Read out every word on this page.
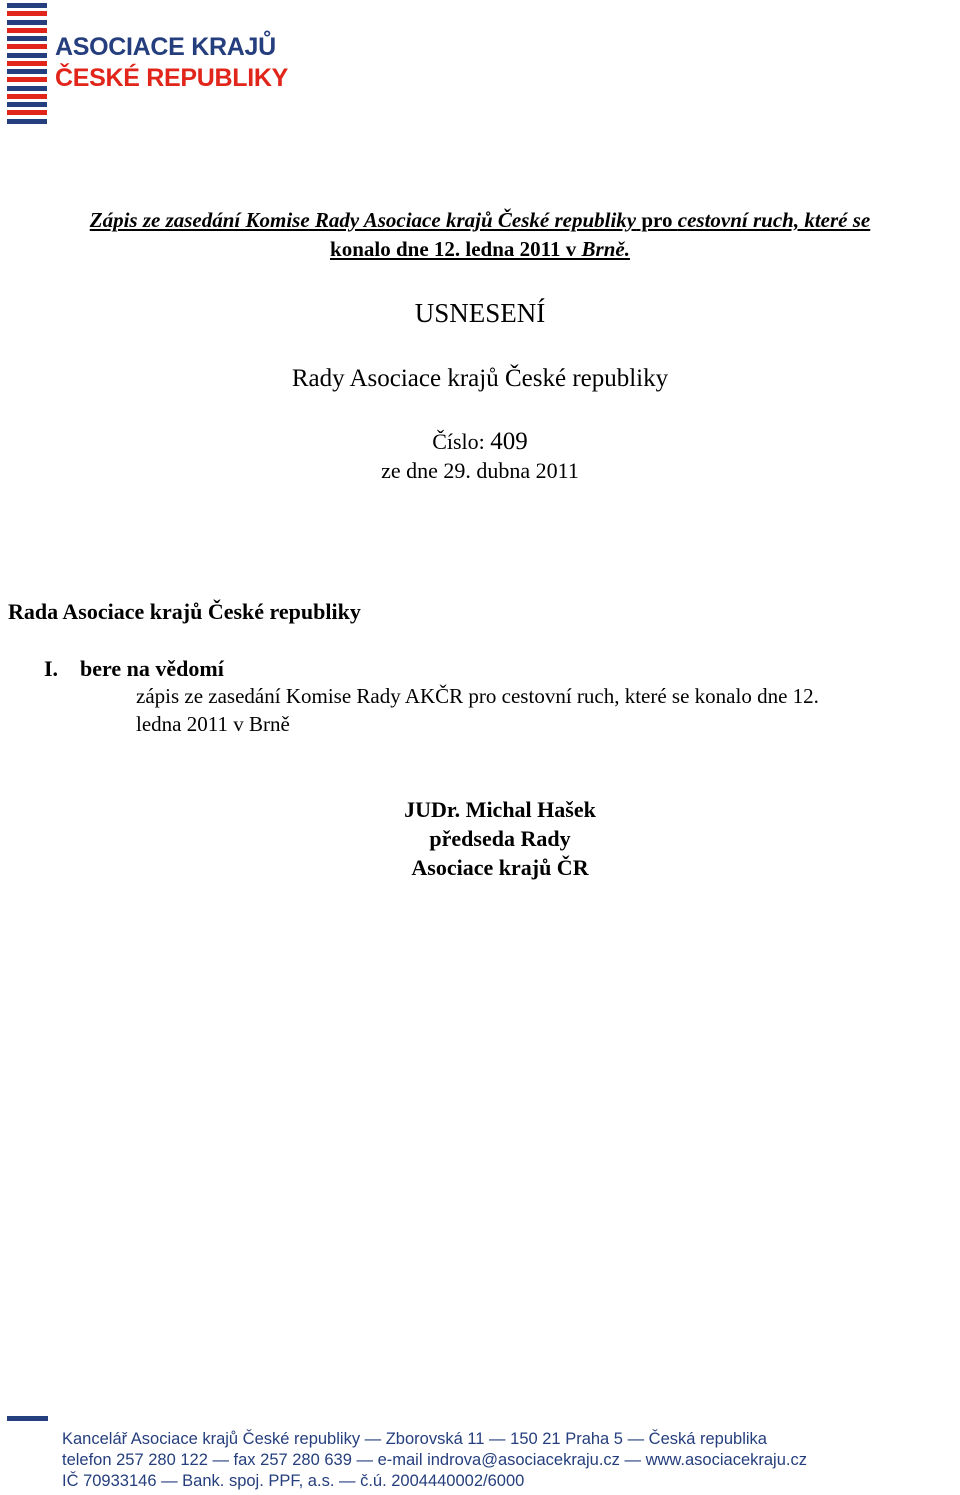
ASOCIACE KRAJŮ
ČESKÉ REPUBLIKY
USNESENÍ
Rady Asociace krajů České republiky
Číslo: 409
ze dne 29. dubna 2011
Zápis ze zasedání Komise Rady Asociace krajů České republiky pro cestovní ruch, které se
konalo dne 12. ledna 2011 v Brně.
Rada Asociace krajů České republiky
I. bere na vědomí
zápis ze zasedání Komise Rady AKČR pro cestovní ruch, které se konalo dne 12.
ledna 2011 v Brně
JUDr. Michal Hašek
předseda Rady
Asociace krajů ČR
Kancelář Asociace krajů České republiky — Zborovská 11 — 150 21 Praha 5 — Česká republika
telefon 257 280 122 — fax 257 280 639 — e-mail indrova@asociacekraju.cz — www.asociacekraju.cz
IČ 70933146 — Bank. spoj. PPF, a.s. — č.ú. 2004440002/6000
